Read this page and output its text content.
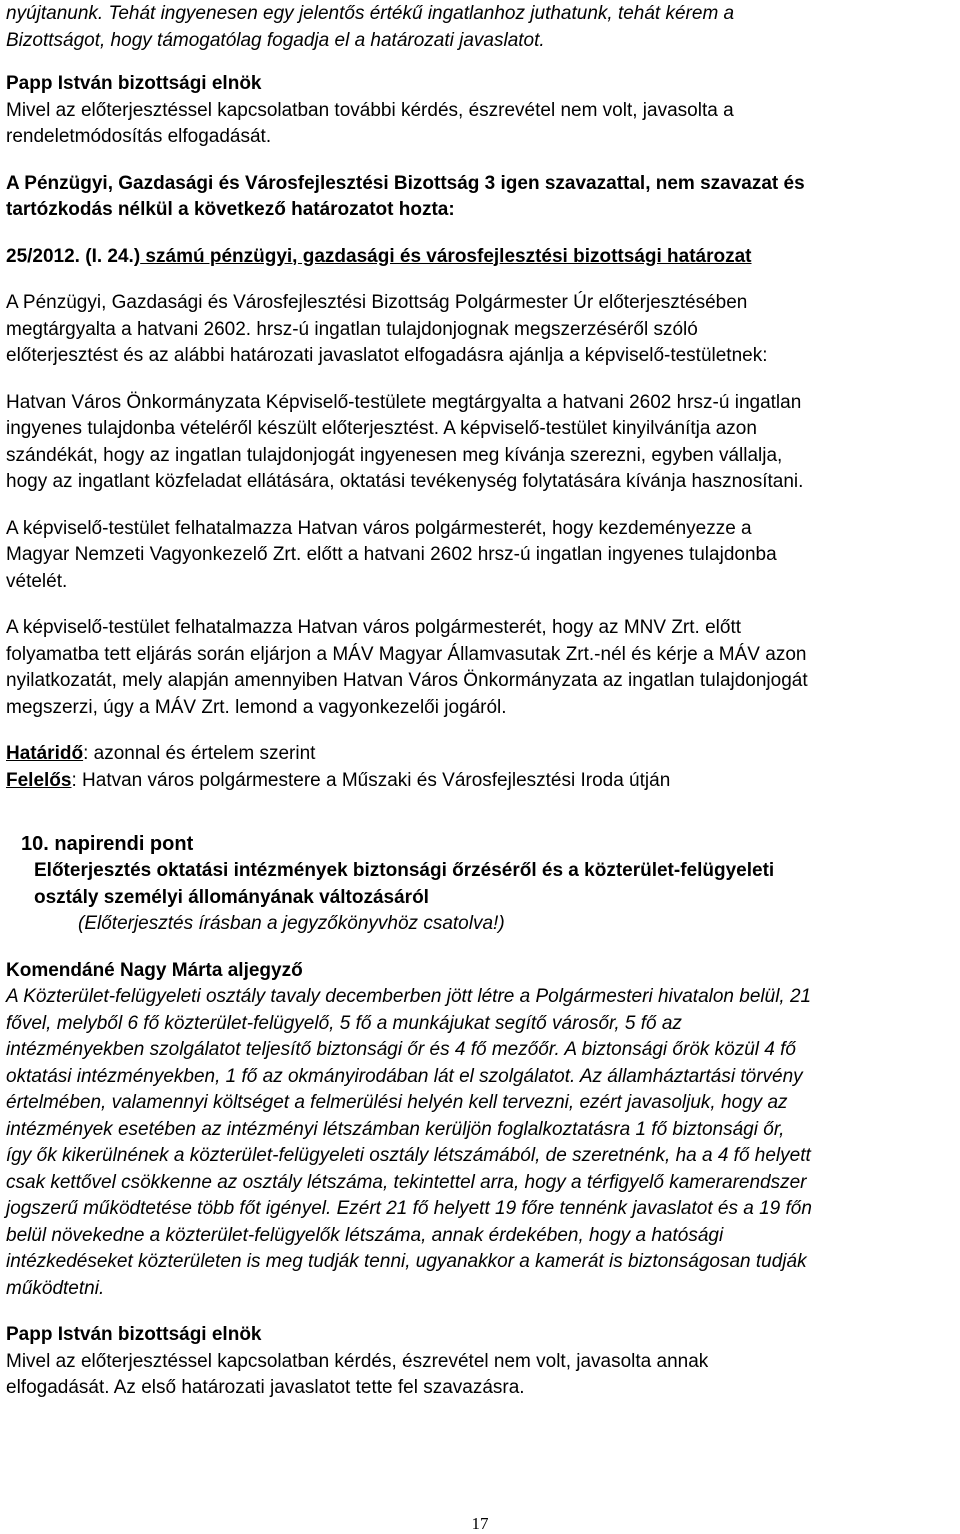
nyújtanunk. Tehát ingyenesen egy jelentős értékű ingatlanhoz juthatunk, tehát kérem a
Bizottságot, hogy támogatólag fogadja el a határozati javaslatot.

Papp István bizottsági elnök
Mivel az előterjesztéssel kapcsolatban további kérdés, észrevétel nem volt, javasolta a
rendeletmódosítás elfogadását.

A Pénzügyi, Gazdasági és Városfejlesztési Bizottság 3 igen szavazattal, nem szavazat és
tartózkodás nélkül a következő határozatot hozta:

25/2012. (I. 24.) számú pénzügyi, gazdasági és városfejlesztési bizottsági határozat

A Pénzügyi, Gazdasági és Városfejlesztési Bizottság Polgármester Úr előterjesztésében
megtárgyalta a hatvani 2602. hrsz-ú ingatlan tulajdonjognak megszerzéséről szóló
előterjesztést és az alábbi határozati javaslatot elfogadásra ajánlja a képviselő-testületnek:

Hatvan Város Önkormányzata Képviselő-testülete megtárgyalta a hatvani 2602 hrsz-ú ingatlan
ingyenes tulajdonba vételéről készült előterjesztést. A képviselő-testület kinyilvánítja azon
szándékát, hogy az ingatlan tulajdonjogát ingyenesen meg kívánja szerezni, egyben vállalja,
hogy az ingatlant közfeladat ellátására, oktatási tevékenység folytatására kívánja hasznosítani.

A képviselő-testület felhatalmazza Hatvan város polgármesterét, hogy kezdeményezze a
Magyar Nemzeti Vagyonkezelő Zrt. előtt a hatvani 2602 hrsz-ú ingatlan ingyenes tulajdonba
vételét.

A képviselő-testület felhatalmazza Hatvan város polgármesterét, hogy az MNV Zrt. előtt
folyamatba tett eljárás során eljárjon a MÁV Magyar Államvasutak Zrt.-nél és kérje a MÁV azon
nyilatkozatát, mely alapján amennyiben Hatvan Város Önkormányzata az ingatlan tulajdonjogát
megszerzi, úgy a MÁV Zrt. lemond a vagyonkezelői jogáról.

Határidő: azonnal és értelem szerint

Felelős: Hatvan város polgármestere a Műszaki és Városfejlesztési Iroda útján

10. napirendi pont

Előterjesztés oktatási intézmények biztonsági őrzéséről és a közterület-felügyeleti
osztály személyi állományának változásáról

(Előterjesztés írásban a jegyzőkönyvhöz csatolva!)

Komendáné Nagy Márta aljegyző
A Közterület-felügyeleti osztály tavaly decemberben jött létre a Polgármesteri hivatalon belül, 21
fővel, melyből 6 fő közterület-felügyelő, 5 fő a munkájukat segítő városőr, 5 fő az
intézményekben szolgálatot teljesítő biztonsági őr és 4 fő mezőőr. A biztonsági őrök közül 4 fő
oktatási intézményekben, 1 fő az okmányirodában lát el szolgálatot. Az államháztartási törvény
értelmében, valamennyi költséget a felmerülési helyén kell tervezni, ezért javasoljuk, hogy az
intézmények esetében az intézményi létszámban kerüljön foglalkoztatásra 1 fő biztonsági őr,
így ők kikerülnének a közterület-felügyeleti osztály létszámából, de szeretnénk, ha a 4 fő helyett
csak kettővel csökkenne az osztály létszáma, tekintettel arra, hogy a térfigyelő kamerarendszer
jogszerű működtetése több főt igényel. Ezért 21 fő helyett 19 főre tennénk javaslatot és a 19 főn
belül növekedne a közterület-felügyelők létszáma, annak érdekében, hogy a hatósági
intézkedéseket közterületen is meg tudják tenni, ugyanakkor a kamerát is biztonságosan tudják
működtetni.

Papp István bizottsági elnök
Mivel az előterjesztéssel kapcsolatban kérdés, észrevétel nem volt, javasolta annak
elfogadását. Az első határozati javaslatot tette fel szavazásra.

17
